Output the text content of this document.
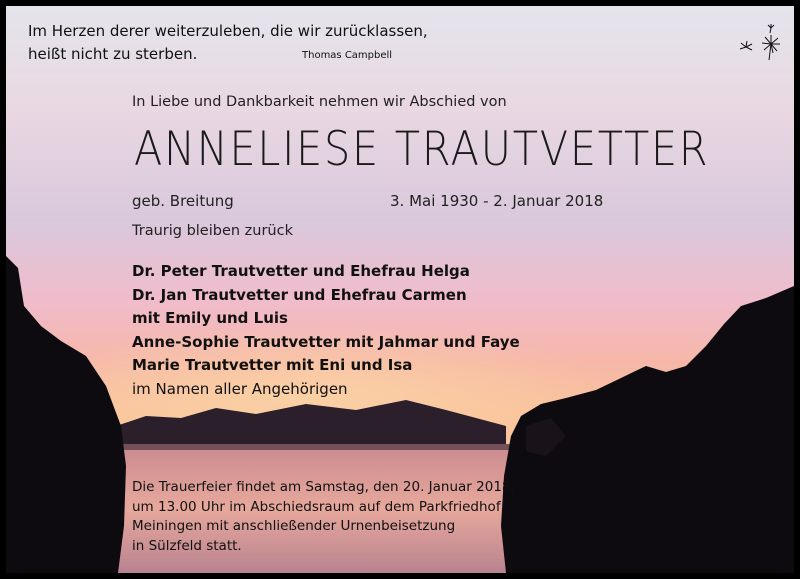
Im Herzen derer weiterzuleben, die wir zurücklassen,
heißt nicht zu sterben.	Thomas Campbell
In Liebe und Dankbarkeit nehmen wir Abschied von
ANNELIESE TRAUTVETTER
geb. Breitung	3. Mai 1930 - 2. Januar 2018
Traurig bleiben zurück
Dr. Peter Trautvetter und Ehefrau Helga
Dr. Jan Trautvetter und Ehefrau Carmen
mit Emily und Luis
Anne-Sophie Trautvetter mit Jahmar und Faye
Marie Trautvetter mit Eni und Isa
im Namen aller Angehörigen
Die Trauerfeier findet am Samstag, den 20. Januar 2018,
um 13.00 Uhr im Abschiedsraum auf dem Parkfriedhof
Meiningen mit anschließender Urnenbeisetzung
in Sülzfeld statt.
